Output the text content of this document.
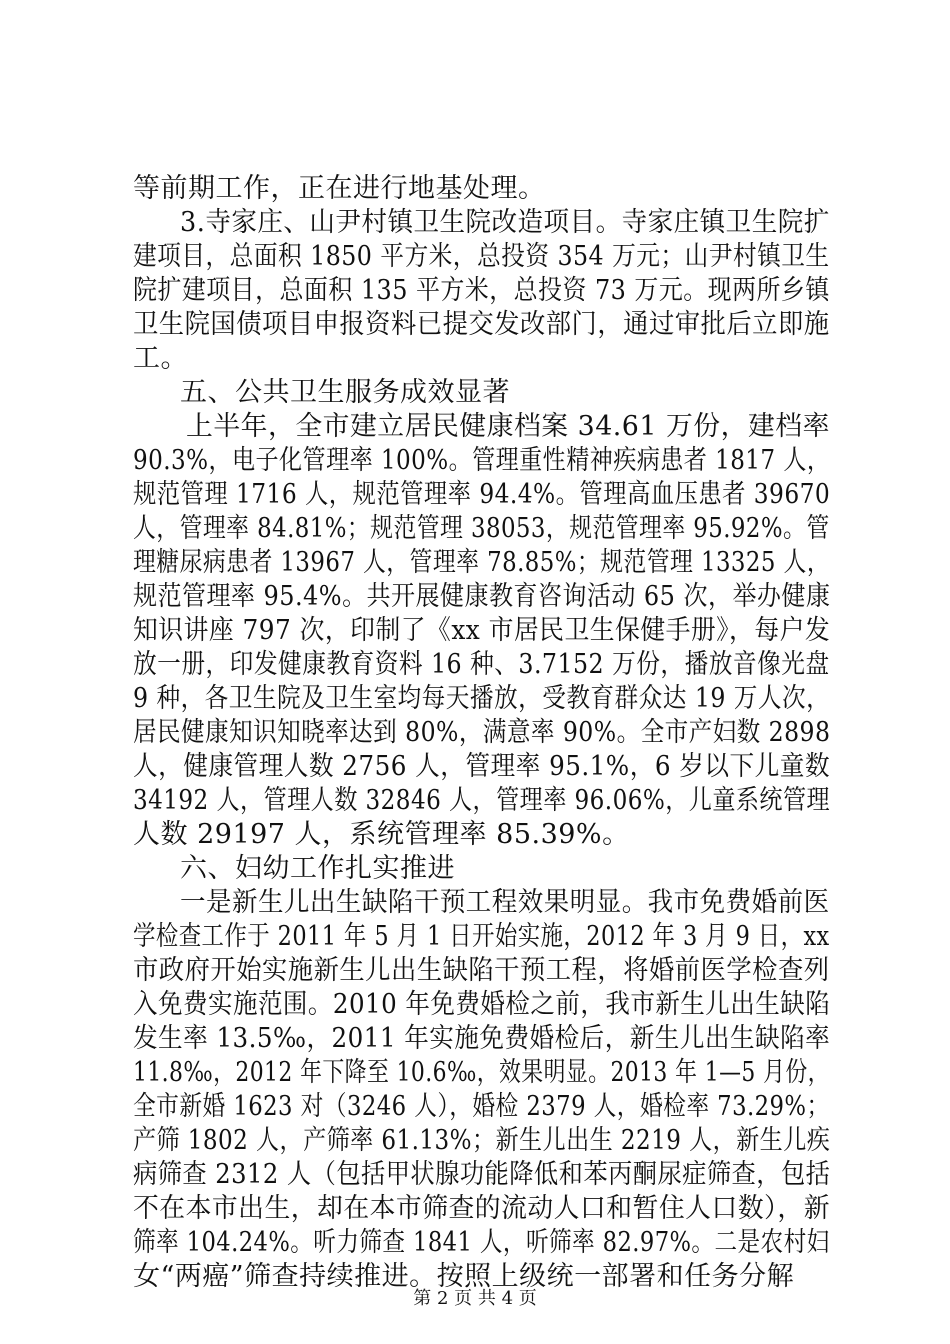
等前期工作，正在进行地基处理。
3.寺家庄、山尹村镇卫生院改造项目。寺家庄镇卫生院扩
建项目，总面积 1850 平方米，总投资 354 万元；山尹村镇卫生
院扩建项目，总面积 135 平方米，总投资 73 万元。现两所乡镇
卫生院国债项目申报资料已提交发改部门，通过审批后立即施
工。
五、公共卫生服务成效显著
上半年，全市建立居民健康档案 34.61 万份，建档率
90.3%，电子化管理率 100%。管理重性精神疾病患者 1817 人，
规范管理 1716 人，规范管理率 94.4%。管理高血压患者 39670
人，管理率 84.81%；规范管理 38053，规范管理率 95.92%。管
理糖尿病患者 13967 人，管理率 78.85%；规范管理 13325 人，
规范管理率 95.4%。共开展健康教育咨询活动 65 次，举办健康
知识讲座 797 次，印制了《xx 市居民卫生保健手册》，每户发
放一册，印发健康教育资料 16 种、3.7152 万份，播放音像光盘
9 种，各卫生院及卫生室均每天播放，受教育群众达 19 万人次，
居民健康知识知晓率达到 80%，满意率 90%。全市产妇数 2898
人，健康管理人数 2756 人，管理率 95.1%，6 岁以下儿童数
34192 人，管理人数 32846 人，管理率 96.06%，儿童系统管理
人数 29197 人，系统管理率 85.39%。
六、妇幼工作扎实推进
一是新生儿出生缺陷干预工程效果明显。我市免费婚前医
学检查工作于 2011 年 5 月 1 日开始实施，2012 年 3 月 9 日，xx
市政府开始实施新生儿出生缺陷干预工程，将婚前医学检查列
入免费实施范围。2010 年免费婚检之前，我市新生儿出生缺陷
发生率 13.5‰，2011 年实施免费婚检后，新生儿出生缺陷率
11.8‰，2012 年下降至 10.6‰，效果明显。2013 年 1—5 月份，
全市新婚 1623 对（3246 人），婚检 2379 人，婚检率 73.29%；
产筛 1802 人，产筛率 61.13%；新生儿出生 2219 人，新生儿疾
病筛查 2312 人（包括甲状腺功能降低和苯丙酮尿症筛查，包括
不在本市出生，却在本市筛查的流动人口和暂住人口数），新
筛率 104.24%。听力筛查 1841 人，听筛率 82.97%。二是农村妇
女“两癌”筛查持续推进。按照上级统一部署和任务分解
第 2 页 共 4 页
